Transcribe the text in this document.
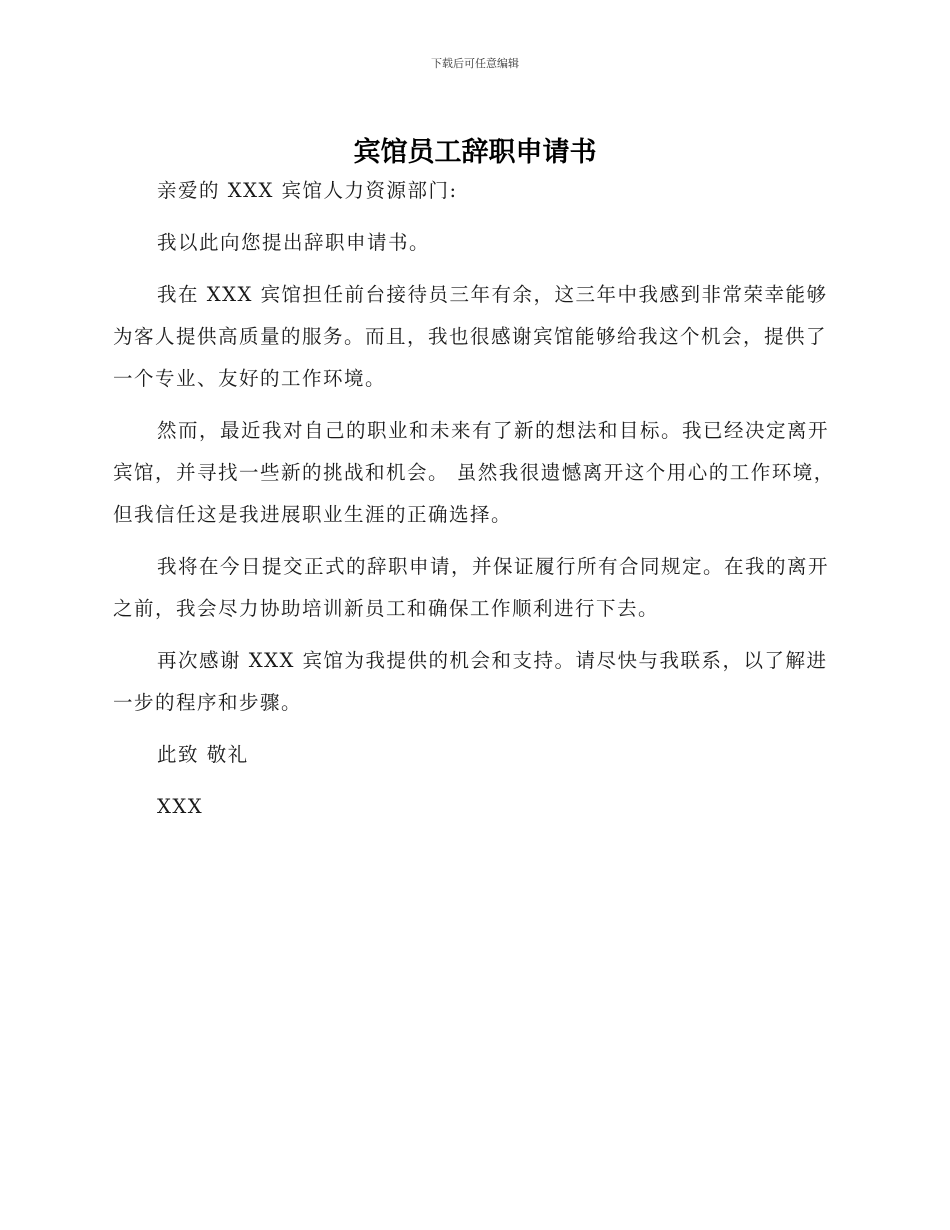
下载后可任意编辑
宾馆员工辞职申请书

亲爱的 XXX 宾馆人力资源部门:

我以此向您提出辞职申请书。

我在 XXX 宾馆担任前台接待员三年有余，这三年中我感到非常荣幸能够为客人提供高质量的服务。而且，我也很感谢宾馆能够给我这个机会，提供了一个专业、友好的工作环境。

然而，最近我对自己的职业和未来有了新的想法和目标。我已经决定离开宾馆，并寻找一些新的挑战和机会。 虽然我很遗憾离开这个用心的工作环境，但我信任这是我进展职业生涯的正确选择。

我将在今日提交正式的辞职申请，并保证履行所有合同规定。在我的离开之前，我会尽力协助培训新员工和确保工作顺利进行下去。

再次感谢 XXX 宾馆为我提供的机会和支持。请尽快与我联系，以了解进一步的程序和步骤。

此致 敬礼

XXX
